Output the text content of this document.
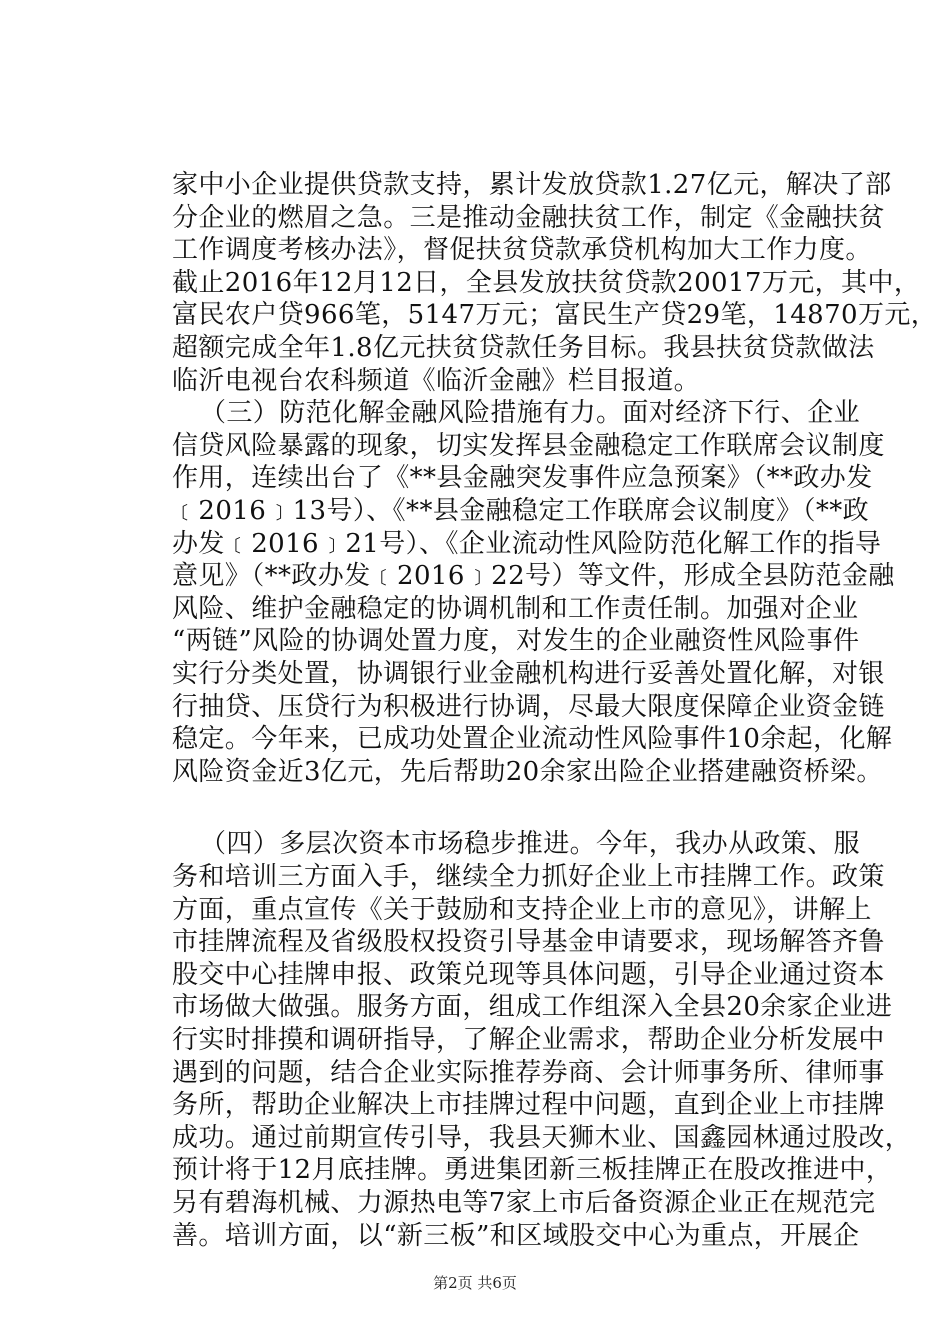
家中小企业提供贷款支持，累计发放贷款1.27亿元，解决了部
分企业的燃眉之急。三是推动金融扶贫工作，制定《金融扶贫
工作调度考核办法》，督促扶贫贷款承贷机构加大工作力度。
截止2016年12月12日，全县发放扶贫贷款20017万元，其中，
富民农户贷966笔，5147万元；富民生产贷29笔，14870万元，
超额完成全年1.8亿元扶贫贷款任务目标。我县扶贫贷款做法
临沂电视台农科频道《临沂金融》栏目报道。
（三）防范化解金融风险措施有力。面对经济下行、企业
信贷风险暴露的现象，切实发挥县金融稳定工作联席会议制度
作用，连续出台了《**县金融突发事件应急预案》（**政办发
﹝2016﹞13号）、《**县金融稳定工作联席会议制度》（**政
办发﹝2016﹞21号）、《企业流动性风险防范化解工作的指导
意见》（**政办发﹝2016﹞22号）等文件，形成全县防范金融
风险、维护金融稳定的协调机制和工作责任制。加强对企业
“两链”风险的协调处置力度，对发生的企业融资性风险事件
实行分类处置，协调银行业金融机构进行妥善处置化解，对银
行抽贷、压贷行为积极进行协调，尽最大限度保障企业资金链
稳定。今年来，已成功处置企业流动性风险事件10余起，化解
风险资金近3亿元，先后帮助20余家出险企业搭建融资桥梁。
（四）多层次资本市场稳步推进。今年，我办从政策、服
务和培训三方面入手，继续全力抓好企业上市挂牌工作。政策
方面，重点宣传《关于鼓励和支持企业上市的意见》，讲解上
市挂牌流程及省级股权投资引导基金申请要求，现场解答齐鲁
股交中心挂牌申报、政策兑现等具体问题，引导企业通过资本
市场做大做强。服务方面，组成工作组深入全县20余家企业进
行实时排摸和调研指导，了解企业需求，帮助企业分析发展中
遇到的问题，结合企业实际推荐券商、会计师事务所、律师事
务所，帮助企业解决上市挂牌过程中问题，直到企业上市挂牌
成功。通过前期宣传引导，我县天狮木业、国鑫园林通过股改，
预计将于12月底挂牌。勇进集团新三板挂牌正在股改推进中，
另有碧海机械、力源热电等7家上市后备资源企业正在规范完
善。培训方面，以“新三板”和区域股交中心为重点，开展企
第2页 共6页
